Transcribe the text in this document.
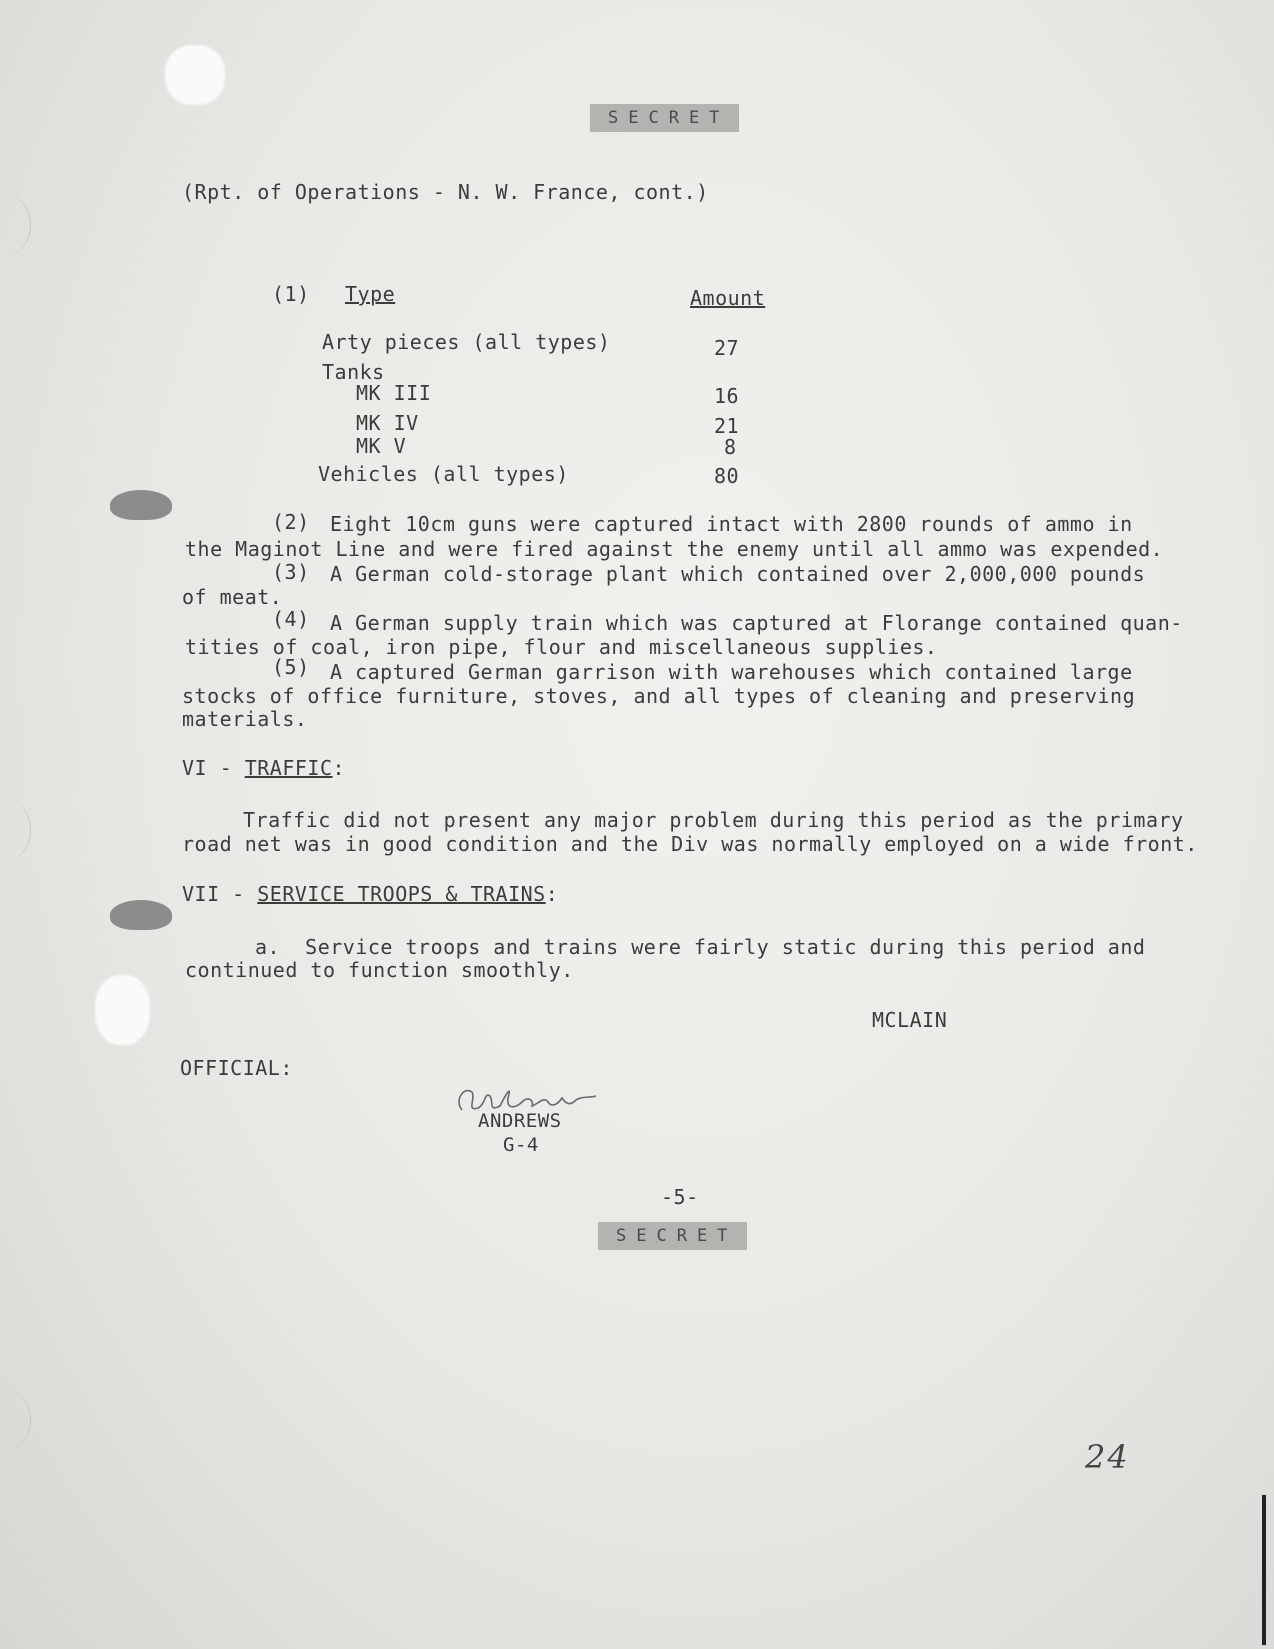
SECRET
(Rpt. of Operations - N. W. France, cont.)
(1) Type	Amount
Arty pieces (all types)	27
Tanks
MK III	16
MK IV	21
MK V	8
Vehicles (all types)	80
(2) Eight 10cm guns were captured intact with 2800 rounds of ammo in
the Maginot Line and were fired against the enemy until all ammo was expended.
(3) A German cold-storage plant which contained over 2,000,000 pounds
of meat.
(4) A German supply train which was captured at Florange contained quan-
tities of coal, iron pipe, flour and miscellaneous supplies.
(5) A captured German garrison with warehouses which contained large
stocks of office furniture, stoves, and all types of cleaning and preserving
materials.
VI - TRAFFIC:
Traffic did not present any major problem during this period as the primary
road net was in good condition and the Div was normally employed on a wide front.
VII - SERVICE TROOPS & TRAINS:
a.  Service troops and trains were fairly static during this period and
continued to function smoothly.
MCLAIN
OFFICIAL:
ANDREWS
G-4
-5-
SECRET
24
